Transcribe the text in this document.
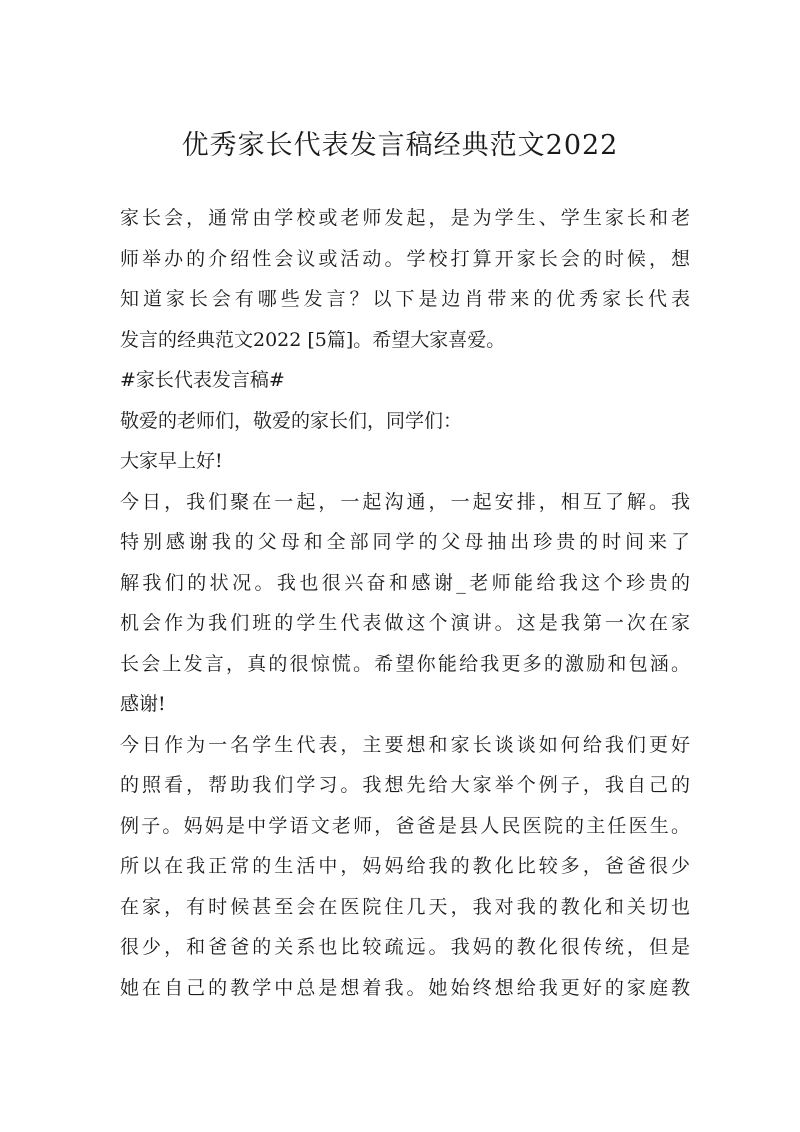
优秀家长代表发言稿经典范文2022
家长会，通常由学校或老师发起，是为学生、学生家长和老
师举办的介绍性会议或活动。学校打算开家长会的时候，想
知道家长会有哪些发言？以下是边肖带来的优秀家长代表
发言的经典范文2022 [5篇]。希望大家喜爱。
#家长代表发言稿#
敬爱的老师们，敬爱的家长们，同学们：
大家早上好!
今日，我们聚在一起，一起沟通，一起安排，相互了解。我
特别感谢我的父母和全部同学的父母抽出珍贵的时间来了
解我们的状况。我也很兴奋和感谢_老师能给我这个珍贵的
机会作为我们班的学生代表做这个演讲。这是我第一次在家
长会上发言，真的很惊慌。希望你能给我更多的激励和包涵。
感谢!
今日作为一名学生代表，主要想和家长谈谈如何给我们更好
的照看，帮助我们学习。我想先给大家举个例子，我自己的
例子。妈妈是中学语文老师，爸爸是县人民医院的主任医生。
所以在我正常的生活中，妈妈给我的教化比较多，爸爸很少
在家，有时候甚至会在医院住几天，我对我的教化和关切也
很少，和爸爸的关系也比较疏远。我妈的教化很传统，但是
她在自己的教学中总是想着我。她始终想给我更好的家庭教
